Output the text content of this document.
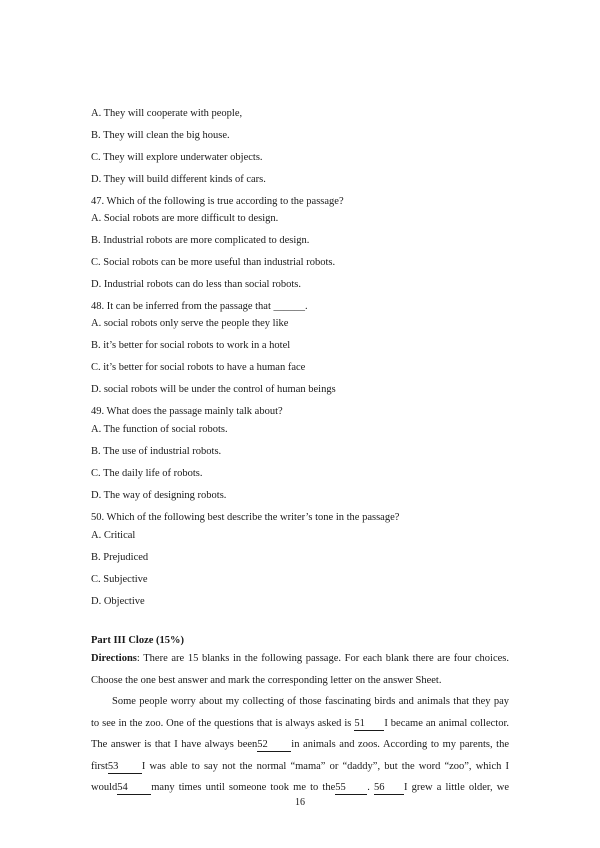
A. They will cooperate with people,
B. They will clean the big house.
C. They will explore underwater objects.
D. They will build different kinds of cars.
47. Which of the following is true according to the passage?
A. Social robots are more difficult to design.
B. Industrial robots are more complicated to design.
C. Social robots can be more useful than industrial robots.
D. Industrial robots can do less than social robots.
48. It can be inferred from the passage that ______.
A. social robots only serve the people they like
B. it’s better for social robots to work in a hotel
C. it’s better for social robots to have a human face
D. social robots will be under the control of human beings
49. What does the passage mainly talk about?
A. The function of social robots.
B. The use of industrial robots.
C. The daily life of robots.
D. The way of designing robots.
50. Which of the following best describe the writer’s tone in the passage?
A. Critical
B. Prejudiced
C. Subjective
D. Objective
Part III Cloze (15%)
Directions: There are 15 blanks in the following passage. For each blank there are four choices.
Choose the one best answer and mark the corresponding letter on the answer Sheet.
Some people worry about my collecting of those fascinating birds and animals that they pay
to see in the zoo. One of the questions that is always asked is 51 I became an animal collector.
The answer is that I have always been52 in animals and zoos. According to my parents, the
first53 I was able to say not the normal “mama” or “daddy”, but the word “zoo”, which I
would54 many times until someone took me to the55 . 56 I grew a little older, we
16
